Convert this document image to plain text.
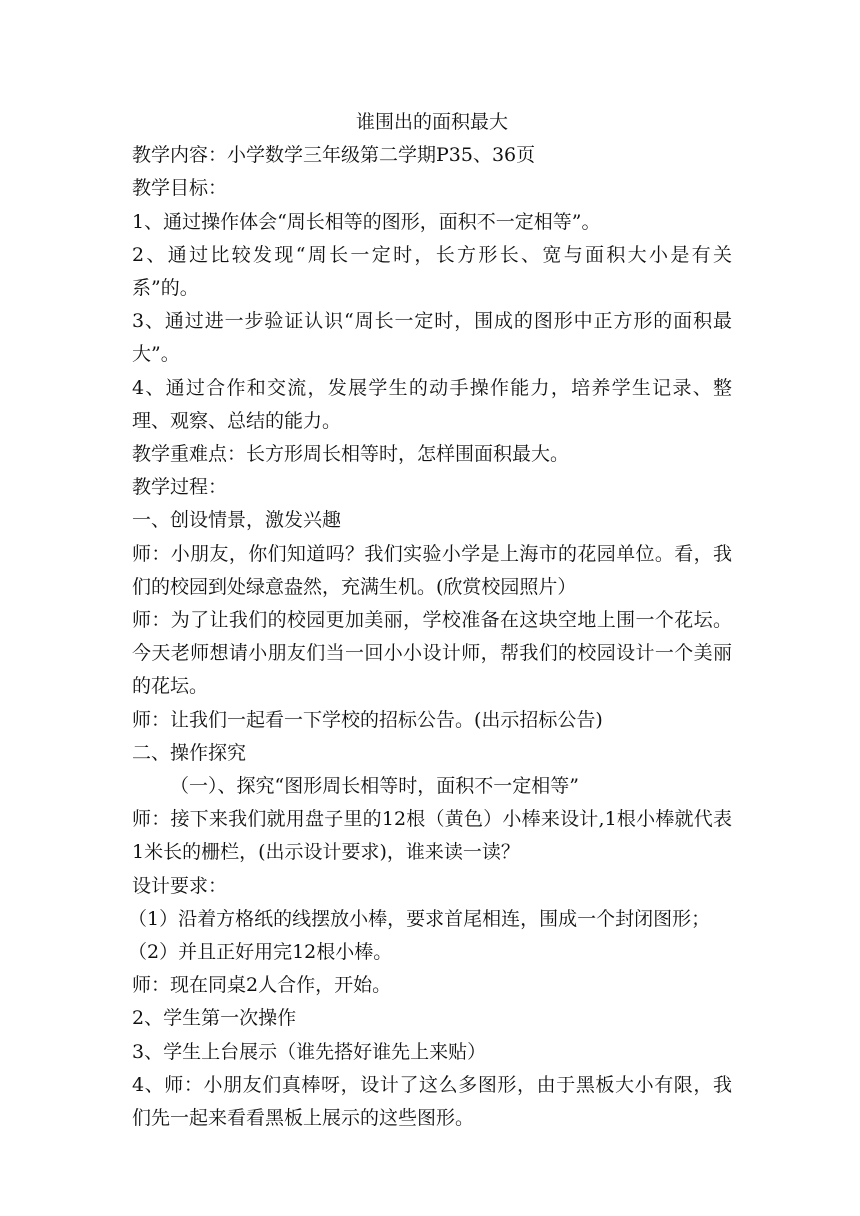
谁围出的面积最大

教学内容：小学数学三年级第二学期P35、36页

教学目标：

1、通过操作体会“周长相等的图形，面积不一定相等”。

2、通过比较发现“周长一定时，长方形长、宽与面积大小是有关系”的。

3、通过进一步验证认识“周长一定时，围成的图形中正方形的面积最大”。

4、通过合作和交流，发展学生的动手操作能力，培养学生记录、整理、观察、总结的能力。

教学重难点：长方形周长相等时，怎样围面积最大。

教学过程：

一、创设情景，激发兴趣

师：小朋友，你们知道吗？我们实验小学是上海市的花园单位。看，我们的校园到处绿意盎然，充满生机。(欣赏校园照片）

师：为了让我们的校园更加美丽，学校准备在这块空地上围一个花坛。今天老师想请小朋友们当一回小小设计师，帮我们的校园设计一个美丽的花坛。

师：让我们一起看一下学校的招标公告。(出示招标公告)

二、操作探究

（一）、探究“图形周长相等时，面积不一定相等”

师：接下来我们就用盘子里的12根（黄色）小棒来设计,1根小棒就代表1米长的栅栏，(出示设计要求)，谁来读一读？

设计要求：

（1）沿着方格纸的线摆放小棒，要求首尾相连，围成一个封闭图形；

（2）并且正好用完12根小棒。

师：现在同桌2人合作，开始。

2、学生第一次操作

3、学生上台展示（谁先搭好谁先上来贴）

4、师：小朋友们真棒呀，设计了这么多图形，由于黑板大小有限，我们先一起来看看黑板上展示的这些图形。
